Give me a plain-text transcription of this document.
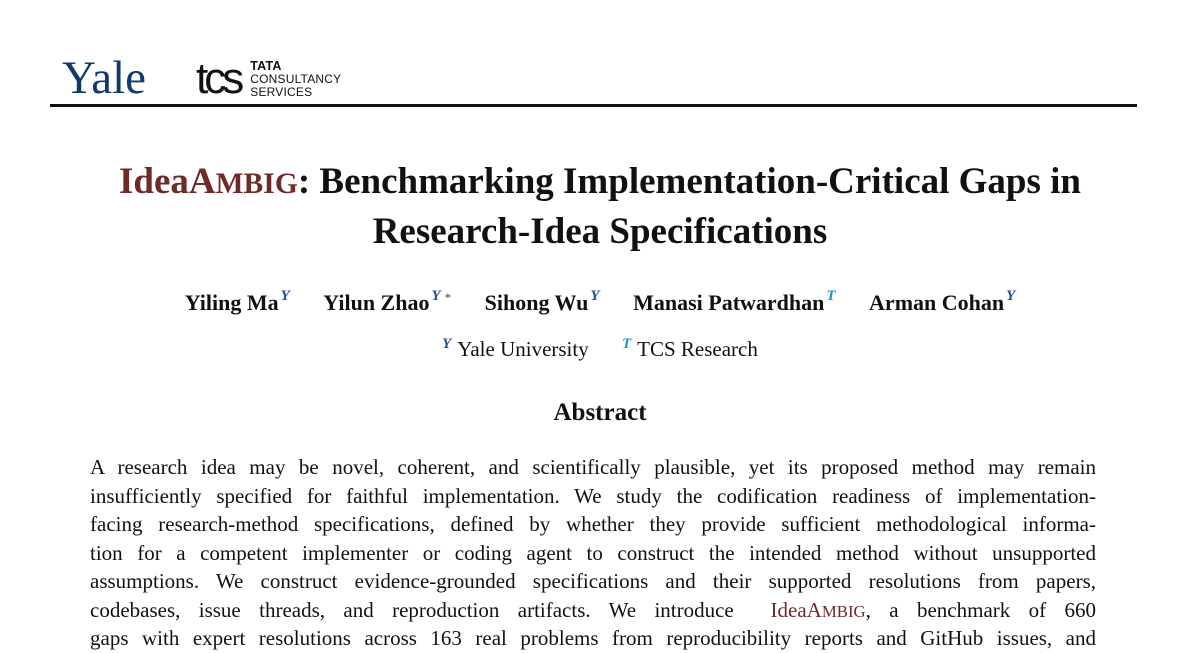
Yale tcs TATA
CONSULTANCY
SERVICES
IdeaAMBIG: Benchmarking Implementation-Critical Gaps in
Research-Idea Specifications
Yiling Ma $^Y$ Yilun Zhao $^Y$ * Sihong Wu $^Y$ Manasi Patwardhan $^T$ Arman Cohan $^Y$
$^Y$ Yale University $^T$ TCS Research
Abstract
A research idea may be novel, coherent, and scientifically plausible, yet its proposed method may remain
insufficiently specified for faithful implementation. We study the codification readiness of implementation-
facing research-method specifications, defined by whether they provide sufficient methodological informa-
tion for a competent implementer or coding agent to construct the intended method without unsupported
assumptions. We construct evidence-grounded specifications and their supported resolutions from papers,
codebases, issue threads, and reproduction artifacts. We introduce IdeaAMBIG, a benchmark of 660
gaps with expert resolutions across 163 real problems from reproducibility reports and GitHub issues, and
